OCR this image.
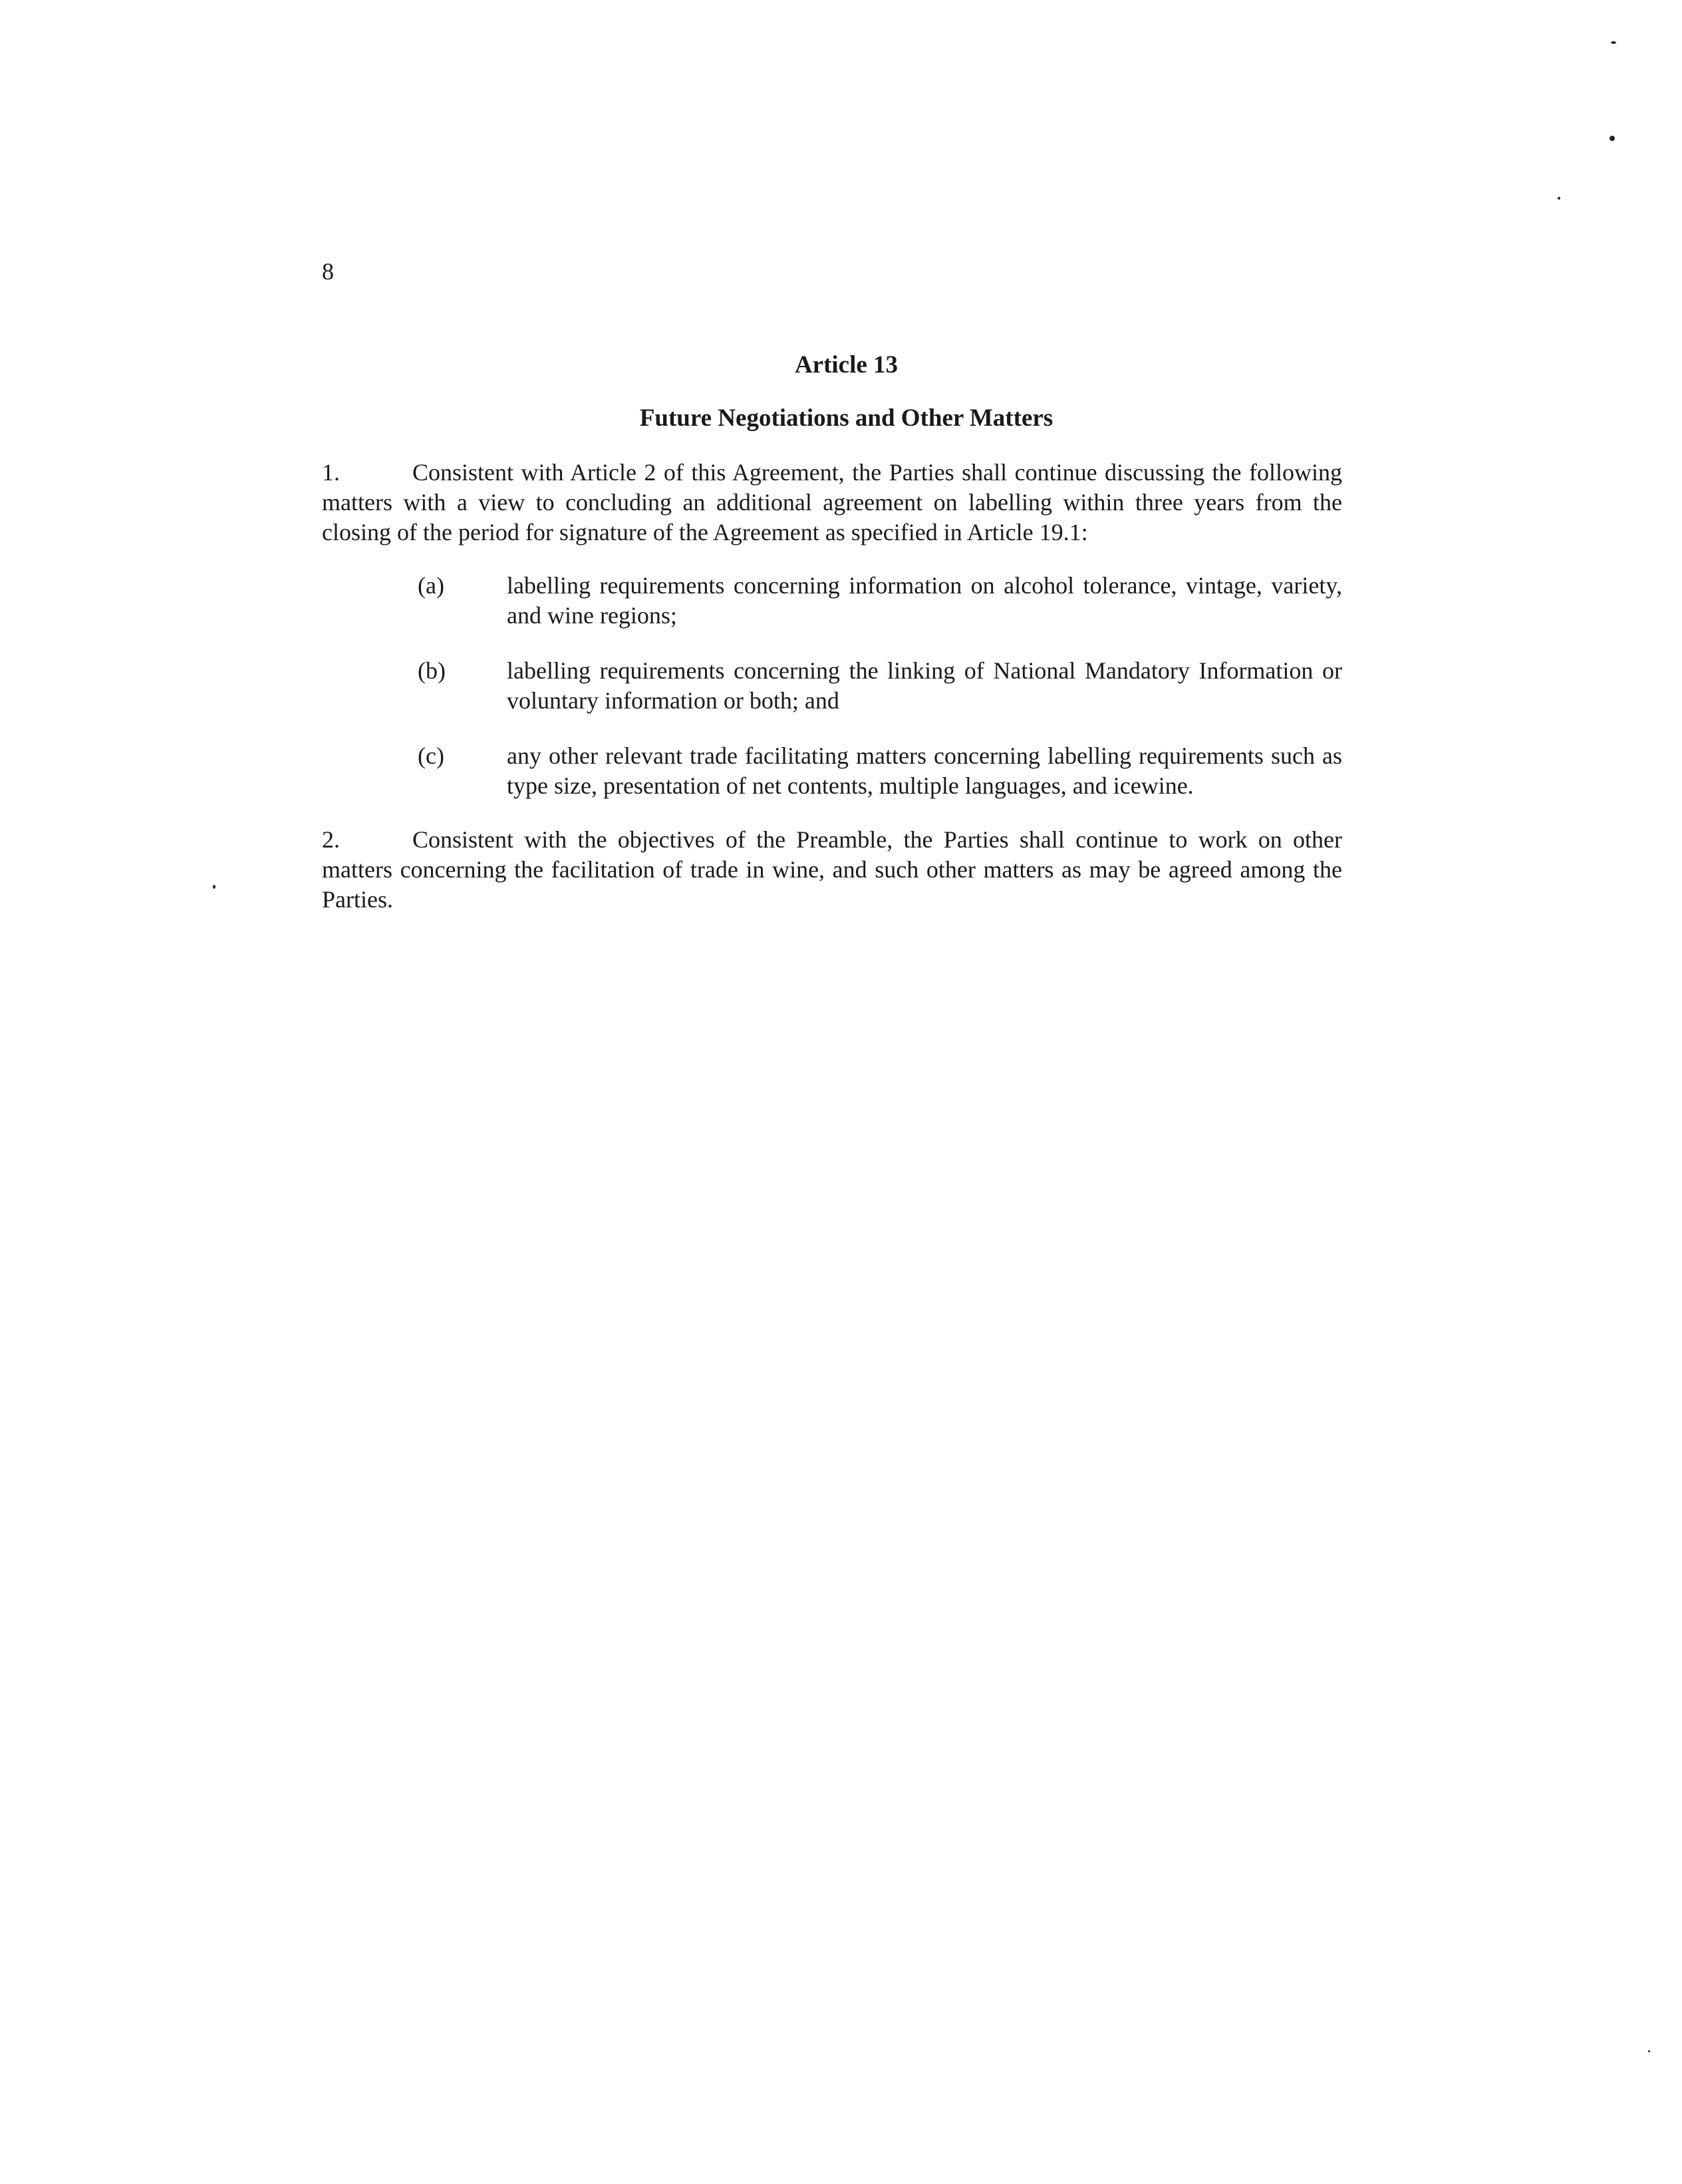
8
Article 13
Future Negotiations and Other Matters
1.	Consistent with Article 2 of this Agreement, the Parties shall continue discussing the following matters with a view to concluding an additional agreement on labelling within three years from the closing of the period for signature of the Agreement as specified in Article 19.1:
(a)	labelling requirements concerning information on alcohol tolerance, vintage, variety, and wine regions;
(b)	labelling requirements concerning the linking of National Mandatory Information or voluntary information or both; and
(c)	any other relevant trade facilitating matters concerning labelling requirements such as type size, presentation of net contents, multiple languages, and icewine.
2.	Consistent with the objectives of the Preamble, the Parties shall continue to work on other matters concerning the facilitation of trade in wine, and such other matters as may be agreed among the Parties.
